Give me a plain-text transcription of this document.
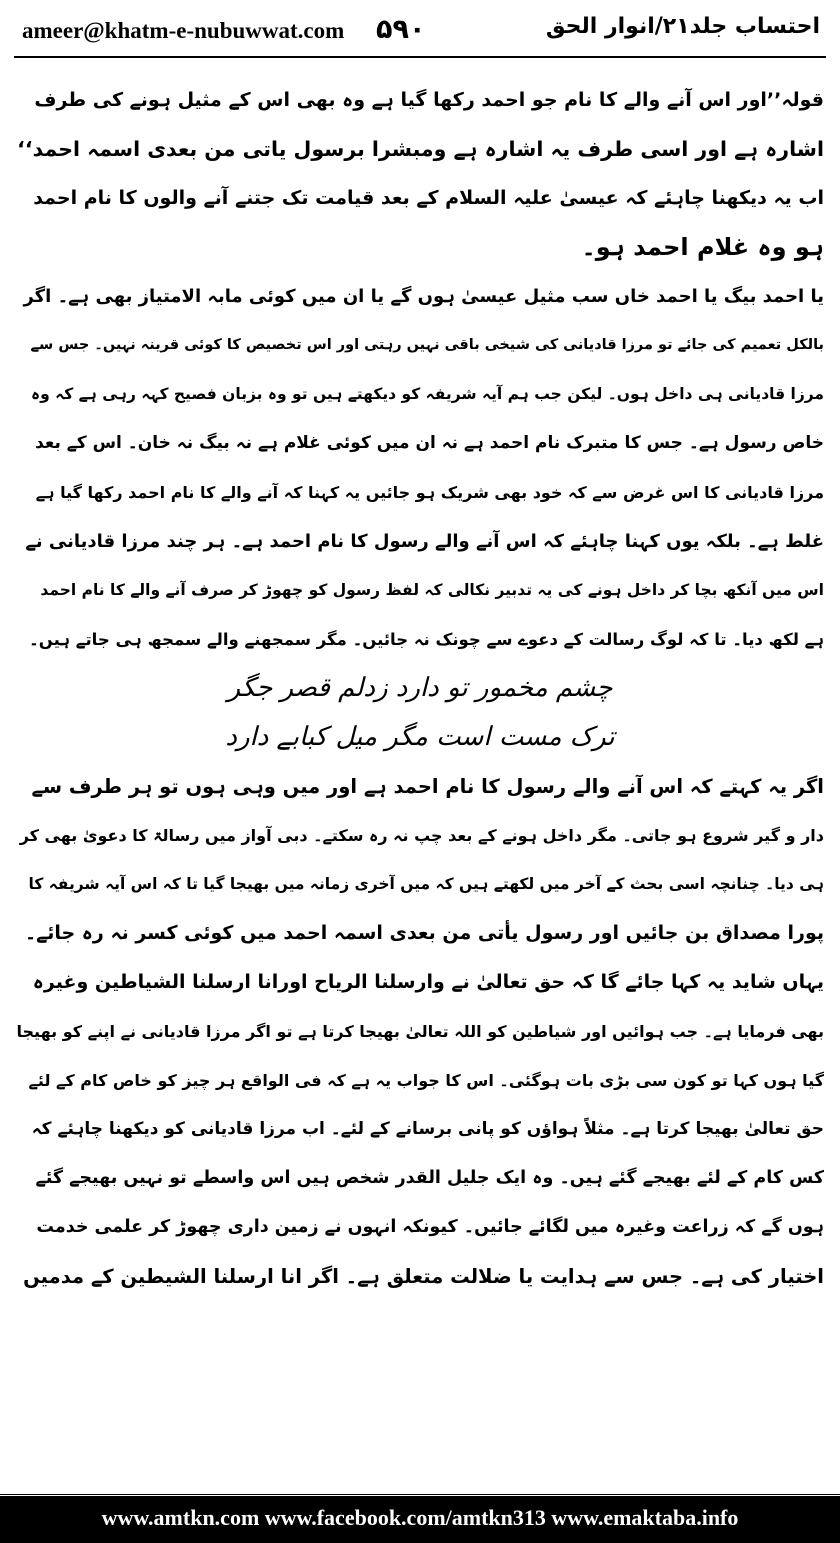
ameer@khatm-e-nubuwwat.com ۵۹۰	احتساب جلد۲۱/انوار الحق
قولہ’’اور اس آنے والے کا نام جو احمد رکھا گیا ہے وہ بھی اس کے مثیل ہونے کی طرف
اشارہ ہے اور اسی طرف یہ اشارہ ہے ومبشرا برسول یاتی من بعدی اسمہ احمد‘‘
اب یہ دیکھنا چاہئے کہ عیسیٰ علیہ السلام کے بعد قیامت تک جتنے آنے والوں کا نام احمد
ہو وہ غلام احمد ہو۔
یا احمد بیگ یا احمد خاں سب مثیل عیسیٰ ہوں گے یا ان میں کوئی مابہ الامتیاز بھی ہے۔ اگر
بالکل تعمیم کی جائے تو مرزا قادیانی کی شیخی باقی نہیں رہتی اور اس تخصیص کا کوئی قرینہ نہیں۔ جس سے
مرزا قادیانی ہی داخل ہوں۔ لیکن جب ہم آیہ شریفہ کو دیکھتے ہیں تو وہ بزبان فصیح کہہ رہی ہے کہ وہ
خاص رسول ہے۔ جس کا متبرک نام احمد ہے نہ ان میں کوئی غلام ہے نہ بیگ نہ خان۔ اس کے بعد
مرزا قادیانی کا اس غرض سے کہ خود بھی شریک ہو جائیں یہ کہنا کہ آنے والے کا نام احمد رکھا گیا ہے
غلط ہے۔ بلکہ یوں کہنا چاہئے کہ اس آنے والے رسول کا نام احمد ہے۔ ہر چند مرزا قادیانی نے
اس میں آنکھ بچا کر داخل ہونے کی یہ تدبیر نکالی کہ لفظ رسول کو چھوڑ کر صرف آنے والے کا نام احمد
ہے لکھ دیا۔ تا کہ لوگ رسالت کے دعوے سے چونک نہ جائیں۔ مگر سمجھنے والے سمجھ ہی جاتے ہیں۔
چشم مخمور تو دارد زدلم قصر جگر
ترک مست است مگر میل کبابے دارد
اگر یہ کہتے کہ اس آنے والے رسول کا نام احمد ہے اور میں وہی ہوں تو ہر طرف سے
دار و گیر شروع ہو جاتی۔ مگر داخل ہونے کے بعد چپ نہ رہ سکتے۔ دبی آواز میں رسالۃ کا دعویٰ بھی کر
ہی دیا۔ چنانچہ اسی بحث کے آخر میں لکھتے ہیں کہ میں آخری زمانہ میں بھیجا گیا تا کہ اس آیہ شریفہ کا
پورا مصداق بن جائیں اور رسول یأتی من بعدی اسمہ احمد میں کوئی کسر نہ رہ جائے۔
یہاں شاید یہ کہا جائے گا کہ حق تعالیٰ نے وارسلنا الریاح اورانا ارسلنا الشیاطین وغیرہ
بھی فرمایا ہے۔ جب ہوائیں اور شیاطین کو اللہ تعالیٰ بھیجا کرتا ہے تو اگر مرزا قادیانی نے اپنے کو بھیجا
گیا ہوں کہا تو کون سی بڑی بات ہوگئی۔ اس کا جواب یہ ہے کہ فی الواقع ہر چیز کو خاص کام کے لئے
حق تعالیٰ بھیجا کرتا ہے۔ مثلاً ہواؤں کو پانی برسانے کے لئے۔ اب مرزا قادیانی کو دیکھنا چاہئے کہ
کس کام کے لئے بھیجے گئے ہیں۔ وہ ایک جلیل القدر شخص ہیں اس واسطے تو نہیں بھیجے گئے
ہوں گے کہ زراعت وغیرہ میں لگائے جائیں۔ کیونکہ انہوں نے زمین داری چھوڑ کر علمی خدمت
اختیار کی ہے۔ جس سے ہدایت یا ضلالت متعلق ہے۔ اگر انا ارسلنا الشیطین کے مدمیں
www.amtkn.com www.facebook.com/amtkn313 www.emaktaba.info
